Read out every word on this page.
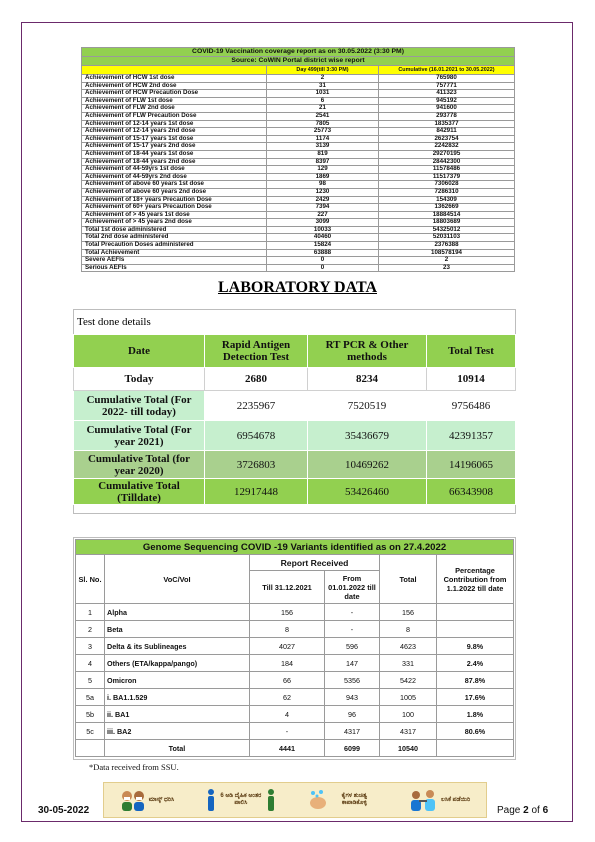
COVID-19 Vaccination coverage report as on 30.05.2022 (3:30 PM)		
Source: CoWIN Portal district wise report		
	Day 499(till 3:30 PM)	Cumulative (16.01.2021 to 30.05.2022)
Achievement of HCW 1st dose	2	765980
Achievement of HCW 2nd dose	31	757771
Achievement of HCW Precaution Dose	1031	411323
Achievement of FLW 1st dose	6	945192
Achievement of FLW 2nd dose	21	941600
Achievement of FLW Precaution Dose	2541	293778
Achievement of 12-14 years 1st dose	7805	1835377
Achievement of 12-14 years 2nd dose	25773	842911
Achievement of 15-17 years 1st dose	1174	2623754
Achievement of 15-17 years 2nd dose	3139	2242832
Achievement of 18-44 years 1st dose	819	29270195
Achievement of 18-44 years 2nd dose	8397	28442300
Achievement of 44-59yrs 1st dose	129	11578486
Achievement of 44-59yrs 2nd dose	1869	11517379
Achievement of above 60 years 1st dose	98	7306028
Achievement of above 60 years 2nd dose	1230	7286310
Achievement of 18+ years Precaution Dose	2429	154309
Achievement of 60+ years Precaution Dose	7394	1362669
Achievement of > 45 years 1st dose	227	18884514
Achievement of > 45 years 2nd dose	3099	18803689
Total 1st dose administered	10033	54325012
Total 2nd dose administered	40460	52031103
Total Precaution Doses administered	15824	2376388
Total Achievement	63888	108578194
Severe AEFIs	0	2
Serious AEFIs	0	23
LABORATORY DATA
Test done details
Date	Rapid Antigen Detection Test	RT PCR & Other methods	Total Test
Today	2680	8234	10914
Cumulative Total (For 2022- till today)	2235967	7520519	9756486
Cumulative Total (For year 2021)	6954678	35436679	42391357
Cumulative Total (for year 2020)	3726803	10469262	14196065
Cumulative Total (Tilldate)	12917448	53426460	66343908
Genome Sequencing COVID -19 Variants identified as on 27.4.2022					
Sl. No.	VoC/VoI	Report Received		Total	Percentage Contribution from 1.1.2022 till date
		Till 31.12.2021	From 01.01.2022 till date		
1	Alpha	156	-	156	
2	Beta	8	-	8	
3	Delta & its Sublineages	4027	596	4623	9.8%
4	Others (ETA/kappa/pango)	184	147	331	2.4%
5	Omicron	66	5356	5422	87.8%
5a	i. BA1.1.529	62	943	1005	17.6%
5b	ii. BA1	4	96	100	1.8%
5c	iii. BA2	-	4317	4317	80.6%
	Total	4441	6099	10540	
*Data received from SSU.
ಮಾಸ್ಕ್ ಧರಿಸಿ
6 ಅಡಿ ದೈಹಿಕ ಅಂತರ ಪಾಲಿಸಿ
ಕೈಗಳ ಶುಚಿತ್ವ ಕಾಪಾಡಿಕೊಳ್ಳಿ
ಲಸಿಕೆ ಪಡೆಯಿರಿ
30-05-2022	Page 2 of 6
